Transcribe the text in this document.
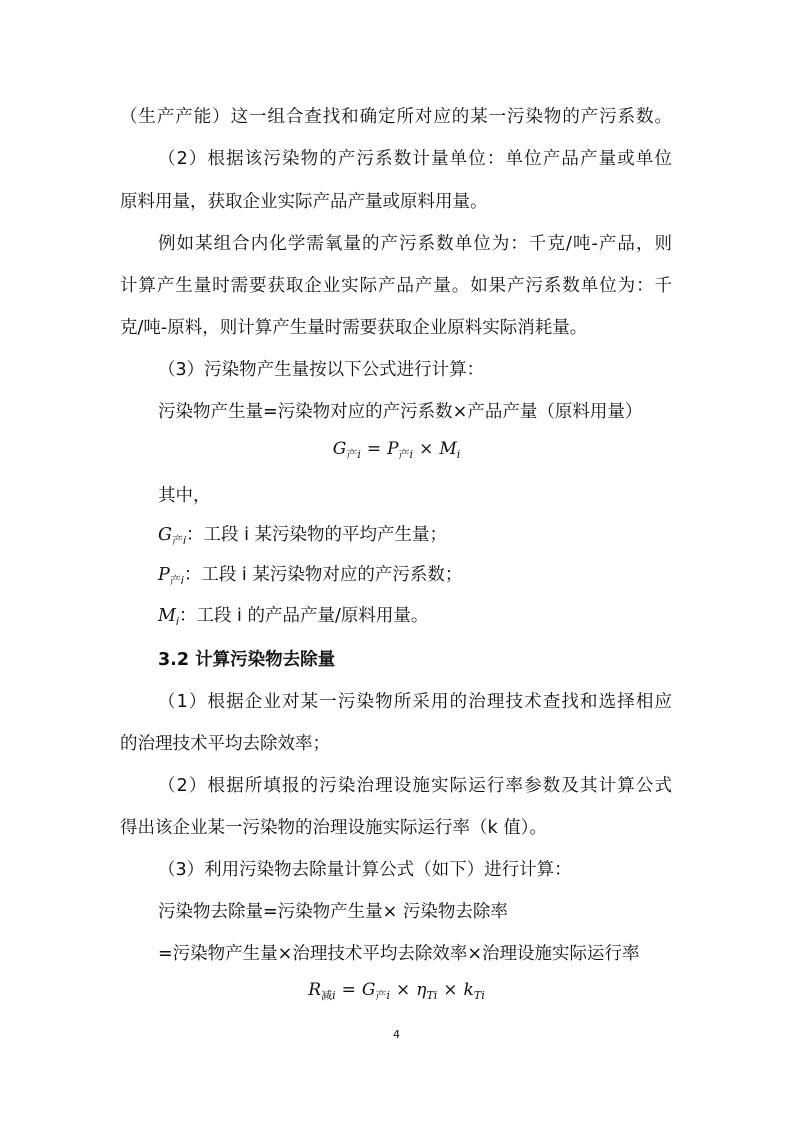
（生产产能）这一组合查找和确定所对应的某一污染物的产污系数。
（2）根据该污染物的产污系数计量单位：单位产品产量或单位
原料用量，获取企业实际产品产量或原料用量。
例如某组合内化学需氧量的产污系数单位为：千克/吨-产品，则
计算产生量时需要获取企业实际产品产量。如果产污系数单位为：千
克/吨-原料，则计算产生量时需要获取企业原料实际消耗量。
（3）污染物产生量按以下公式进行计算：
污染物产生量=污染物对应的产污系数×产品产量（原料用量）
$G_{产i} = P_{产i} \times M_i$
其中，
$G_{产i}$：工段 i 某污染物的平均产生量；
$P_{产i}$：工段 i 某污染物对应的产污系数；
$M_i$：工段 i 的产品产量/原料用量。
3.2 计算污染物去除量
（1）根据企业对某一污染物所采用的治理技术查找和选择相应
的治理技术平均去除效率；
（2）根据所填报的污染治理设施实际运行率参数及其计算公式
得出该企业某一污染物的治理设施实际运行率（k 值）。
（3）利用污染物去除量计算公式（如下）进行计算：
污染物去除量=污染物产生量× 污染物去除率
=污染物产生量×治理技术平均去除效率×治理设施实际运行率
$R_{减i} = G_{产i} \times \eta_{Ti} \times k_{Ti}$
4
